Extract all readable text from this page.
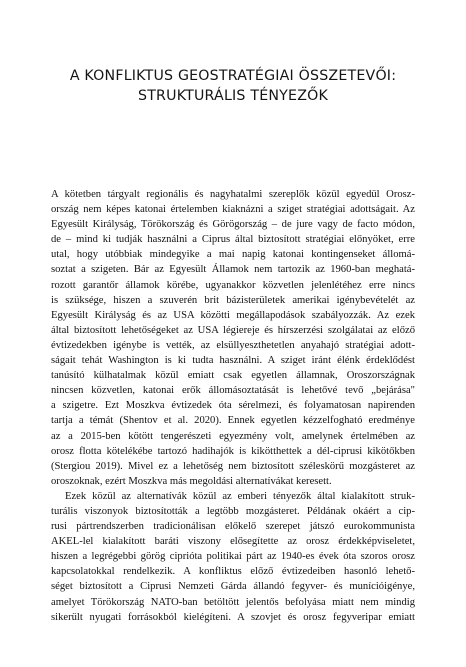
A KONFLIKTUS GEOSTRATÉGIAI ÖSSZETEVŐI:
STRUKTURÁLIS TÉNYEZŐK
A kötetben tárgyalt regionális és nagyhatalmi szereplők közül egyedül Orosz-
ország nem képes katonai értelemben kiaknázni a sziget stratégiai adottságait. Az
Egyesült Királyság, Törökország és Görögország – de jure vagy de facto módon,
de – mind ki tudják használni a Ciprus által biztosított stratégiai előnyöket, erre
utal, hogy utóbbiak mindegyike a mai napig katonai kontingenseket állomá-
soztat a szigeten. Bár az Egyesült Államok nem tartozik az 1960-ban meghatá-
rozott garantőr államok körébe, ugyanakkor közvetlen jelenlétéhez erre nincs
is szüksége, hiszen a szuverén brit bázisterületek amerikai igénybevételét az
Egyesült Királyság és az USA közötti megállapodások szabályozzák. Az ezek
által biztosított lehetőségeket az USA légierejе és hírszerzési szolgálatai az előző
évtizedekben igénybe is vették, az elsüllyeszthetetlen anyahajó stratégiai adott-
ságait tehát Washington is ki tudta használni. A sziget iránt élénk érdeklődést
tanúsító külhatalmak közül emiatt csak egyetlen államnak, Oroszországnak
nincsen közvetlen, katonai erők állomásoztatását is lehetővé tevő „bejárása"
a szigetre. Ezt Moszkva évtizedek óta sérelmezi, és folyamatosan napirenden
tartja a témát (Shentov et al. 2020). Ennek egyetlen kézzelfogható eredménye
az a 2015-ben kötött tengerészeti egyezmény volt, amelynek értelmében az
orosz flotta kötelékébe tartozó hadihajók is kikötthettek a dél-ciprusi kikötőkben
(Stergiou 2019). Mivel ez a lehetőség nem biztosított széleskörű mozgásteret az
oroszoknak, ezért Moszkva más megoldási alternatívákat keresett.
Ezek közül az alternatívák közül az emberi tényezők által kialakított struk-
turális viszonyok biztosították a legtöbb mozgásteret. Példának okáért a cip-
rusi pártrendszerben tradicionálisan előkelő szerepet játszó eurokommunista
AKEL-lel kialakított baráti viszony elősegítette az orosz érdekképviseletet,
hiszen a legrégebbi görög ciprióta politikai párt az 1940-es évek óta szoros orosz
kapcsolatokkal rendelkezik. A konfliktus előző évtizedeiben hasonló lehető-
séget biztosított a Ciprusi Nemzeti Gárda állandó fegyver- és munícióigénye,
amelyet Törökország NATO-ban betöltött jelentős befolyása miatt nem mindig
sikerült nyugati forrásokból kielégíteni. A szovjet és orosz fegyveripar emiatt
